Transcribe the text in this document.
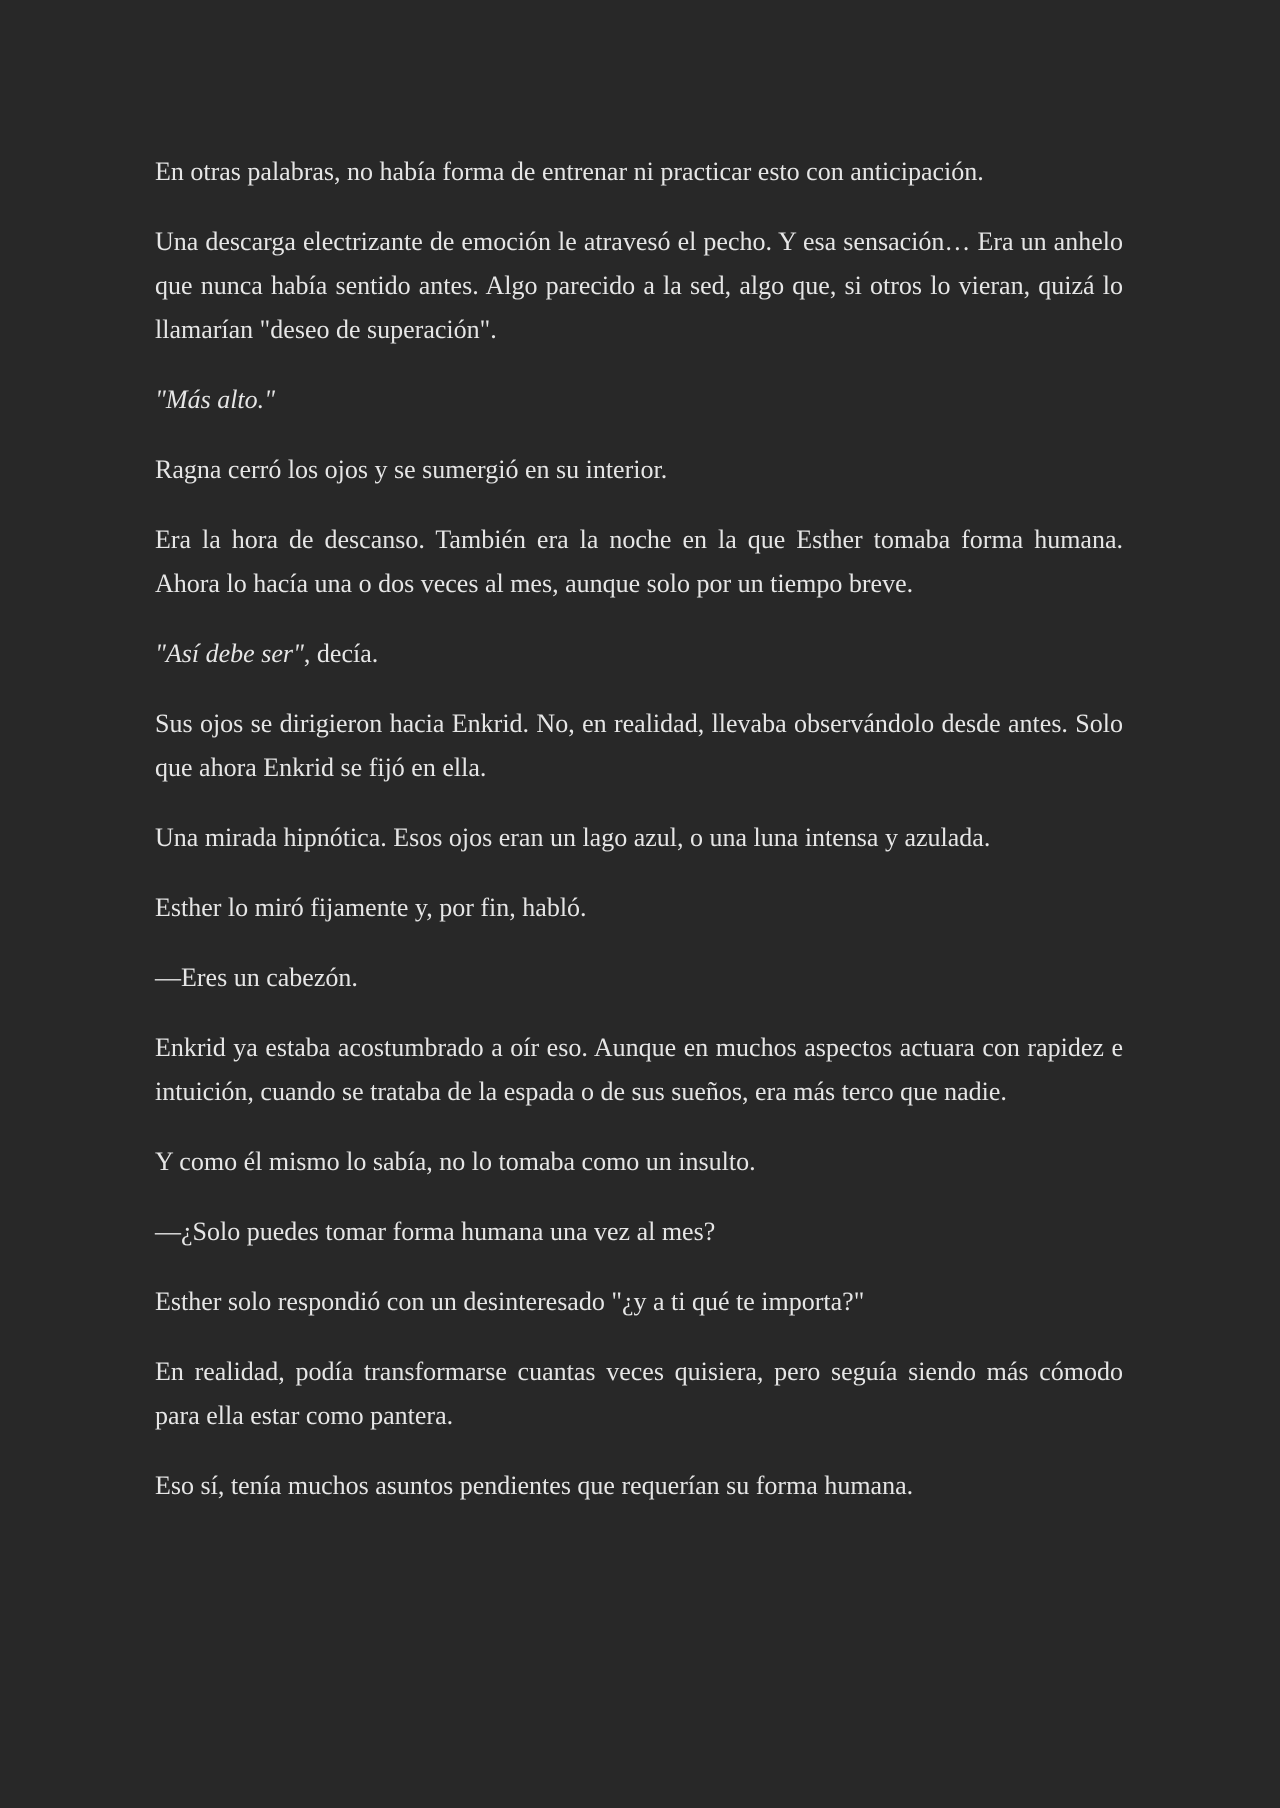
En otras palabras, no había forma de entrenar ni practicar esto con anticipación.

Una descarga electrizante de emoción le atravesó el pecho. Y esa sensación… Era un anhelo que nunca había sentido antes. Algo parecido a la sed, algo que, si otros lo vieran, quizá lo llamarían "deseo de superación".

"Más alto."

Ragna cerró los ojos y se sumergió en su interior.

Era la hora de descanso. También era la noche en la que Esther tomaba forma humana. Ahora lo hacía una o dos veces al mes, aunque solo por un tiempo breve.

"Así debe ser", decía.

Sus ojos se dirigieron hacia Enkrid. No, en realidad, llevaba observándolo desde antes. Solo que ahora Enkrid se fijó en ella.

Una mirada hipnótica. Esos ojos eran un lago azul, o una luna intensa y azulada.

Esther lo miró fijamente y, por fin, habló.

—Eres un cabezón.

Enkrid ya estaba acostumbrado a oír eso. Aunque en muchos aspectos actuara con rapidez e intuición, cuando se trataba de la espada o de sus sueños, era más terco que nadie.

Y como él mismo lo sabía, no lo tomaba como un insulto.

—¿Solo puedes tomar forma humana una vez al mes?

Esther solo respondió con un desinteresado "¿y a ti qué te importa?"

En realidad, podía transformarse cuantas veces quisiera, pero seguía siendo más cómodo para ella estar como pantera.

Eso sí, tenía muchos asuntos pendientes que requerían su forma humana.
